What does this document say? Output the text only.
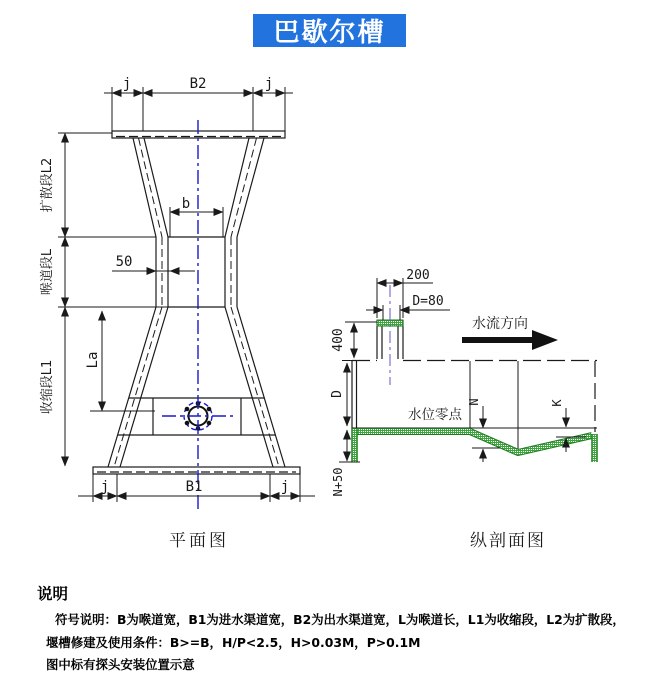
巴歇尔槽
j	B2	j
扩散段L2
喉道段L
收缩段L1
b
50
La
j	B1	j
200
D=80
400
水流方向
D
水位零点
N	K
N+50
平面图	纵剖面图
说明
符号说明：B为喉道宽，B1为进水渠道宽，B2为出水渠道宽，L为喉道长，L1为收缩段，L2为扩散段，
堰槽修建及使用条件：B>=B，H/P<2.5，H>0.03M，P>0.1M
图中标有探头安装位置示意
